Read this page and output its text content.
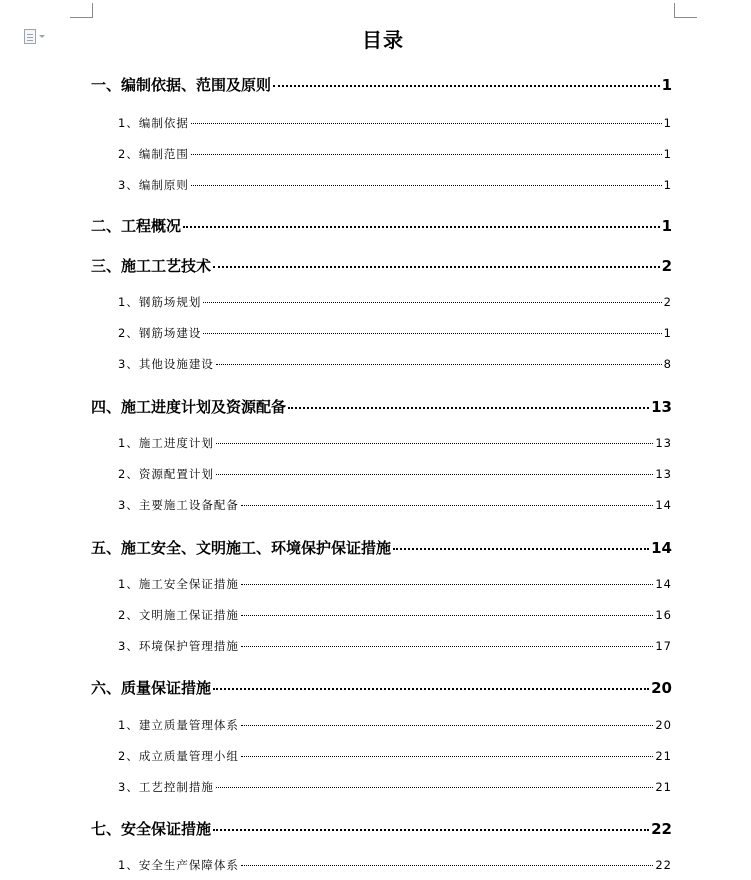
目录
一、编制依据、范围及原则	1
1、编制依据	1
2、编制范围	1
3、编制原则	1
二、工程概况	1
三、施工工艺技术	2
1、钢筋场规划	2
2、钢筋场建设	1
3、其他设施建设	8
四、施工进度计划及资源配备	13
1、施工进度计划	13
2、资源配置计划	13
3、主要施工设备配备	14
五、施工安全、文明施工、环境保护保证措施	14
1、施工安全保证措施	14
2、文明施工保证措施	16
3、环境保护管理措施	17
六、质量保证措施	20
1、建立质量管理体系	20
2、成立质量管理小组	21
3、工艺控制措施	21
七、安全保证措施	22
1、安全生产保障体系	22
